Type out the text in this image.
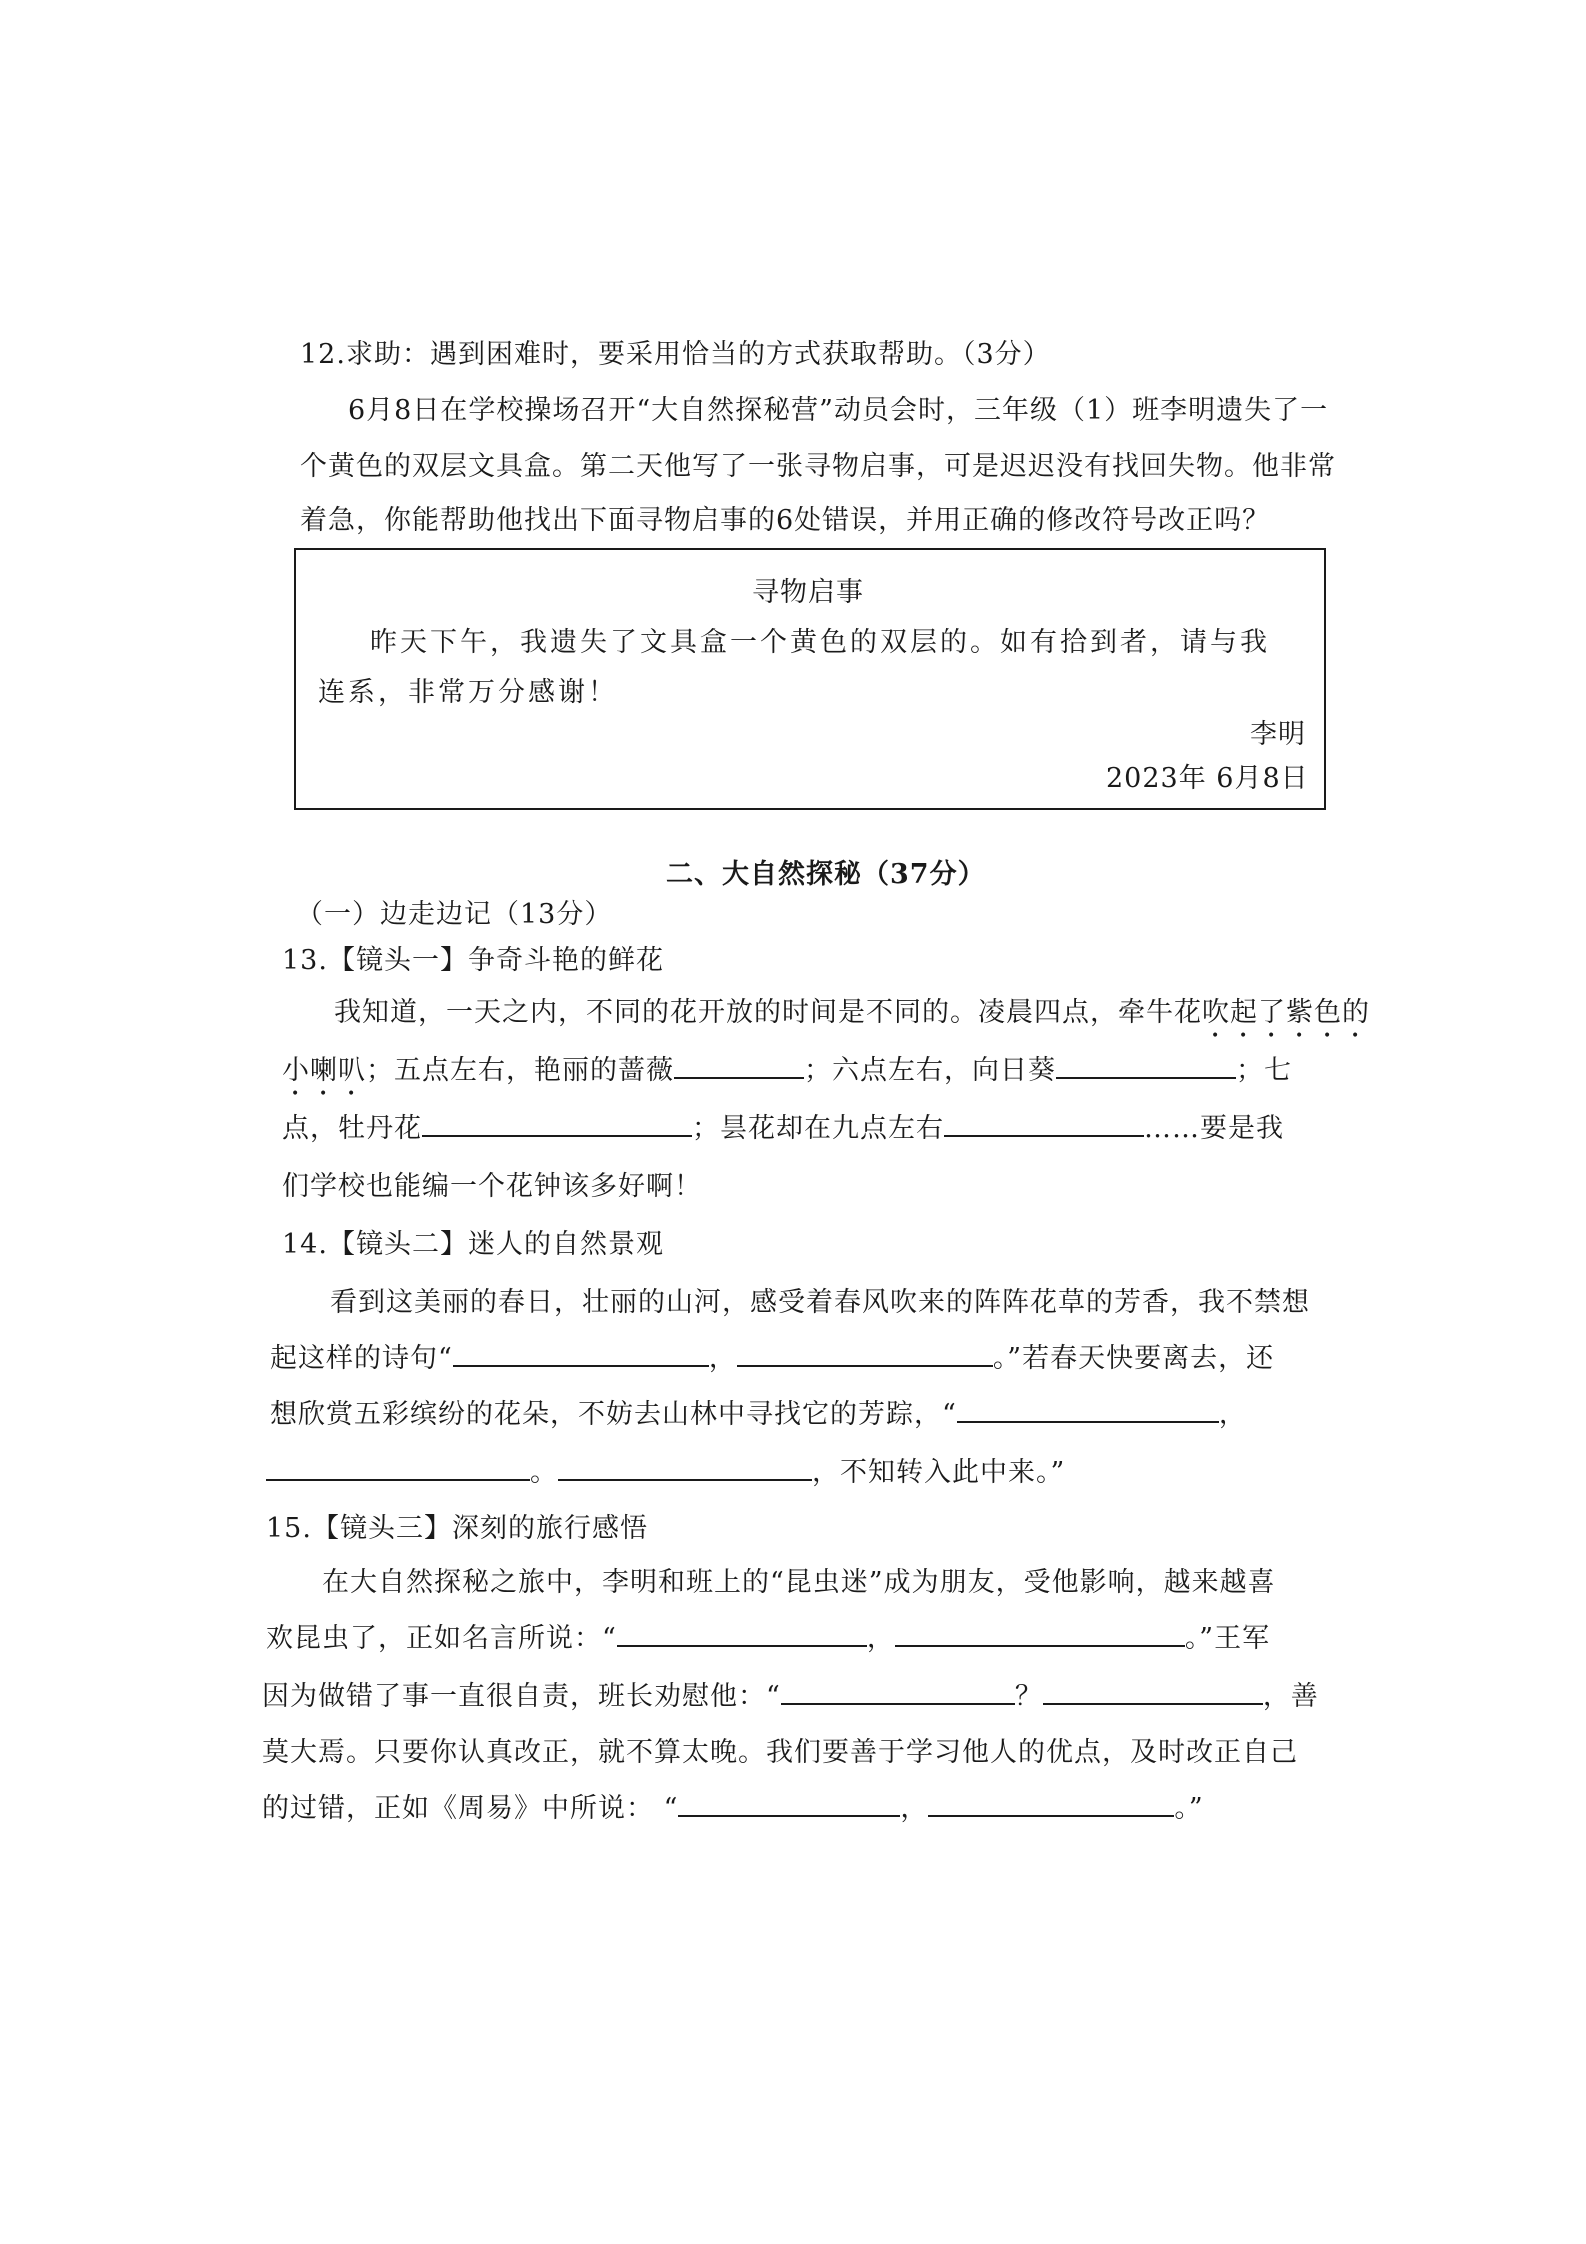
12.求助：遇到困难时，要采用恰当的方式获取帮助。（3分）
6月8日在学校操场召开“大自然探秘营”动员会时，三年级（1）班李明遗失了一
个黄色的双层文具盒。第二天他写了一张寻物启事，可是迟迟没有找回失物。他非常
着急，你能帮助他找出下面寻物启事的6处错误，并用正确的修改符号改正吗？
寻物启事
昨天下午，我遗失了文具盒一个黄色的双层的。如有拾到者，请与我
连系，非常万分感谢！
李明
2023年 6月8日
二、大自然探秘（37分）
（一）边走边记（13分）
13.【镜头一】争奇斗艳的鲜花
我知道，一天之内，不同的花开放的时间是不同的。凌晨四点，牵牛花吹起了紫色的
小喇叭；五点左右，艳丽的蔷薇	；六点左右，向日葵	；七
点，牡丹花	；昙花却在九点左右	……要是我
们学校也能编一个花钟该多好啊！
14.【镜头二】迷人的自然景观
看到这美丽的春日，壮丽的山河，感受着春风吹来的阵阵花草的芳香，我不禁想
起这样的诗句“	，	。”若春天快要离去，还
想欣赏五彩缤纷的花朵，不妨去山林中寻找它的芳踪，“	，
。	，不知转入此中来。”
15.【镜头三】深刻的旅行感悟
在大自然探秘之旅中，李明和班上的“昆虫迷”成为朋友，受他影响，越来越喜
欢昆虫了，正如名言所说：“	，	。”王军
因为做错了事一直很自责，班长劝慰他：“	？	，善
莫大焉。只要你认真改正，就不算太晚。我们要善于学习他人的优点，及时改正自己
的过错，正如《周易》中所说： “	，	。”
